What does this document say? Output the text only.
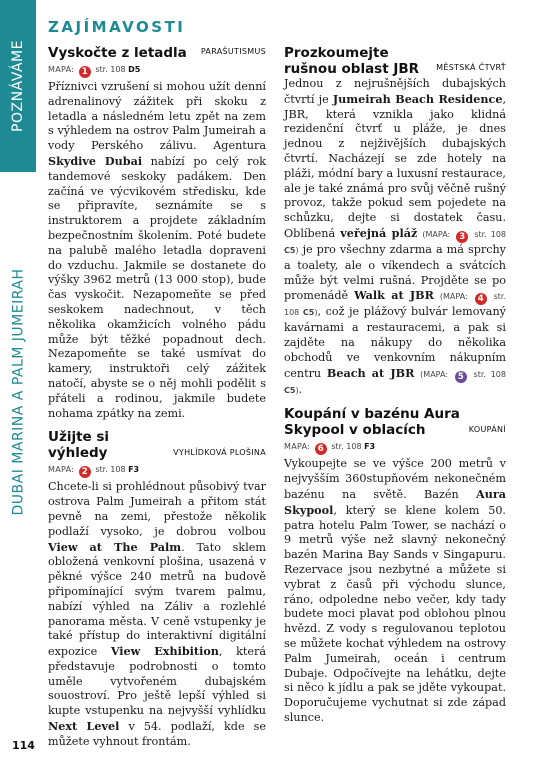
POZNÁVÁME
DUBAI MARINA A PALM JUMEIRAH
ZAJÍMAVOSTI
Vyskočte z letadla	PARAŠUTISMUS
MAPA: 1 str. 108 D5

Příznivci vzrušení si mohou užít denní adrenalinový zážitek při skoku z letadla a následném letu zpět na zem s výhledem na ostrov Palm Jumeirah a vody Perského zálivu. Agentura Skydive Dubai nabízí po celý rok tandemové seskoky padákem. Den začíná ve výcvikovém středisku, kde se připravíte, seznámíte se s instruktorem a projdete základním bezpečnostním školením. Poté budete na palubě malého letadla dopraveni do vzduchu. Jakmile se dostanete do výšky 3962 metrů (13 000 stop), bude čas vyskočit. Nezapomeňte se před seskokem nadechnout, v těch několika okamžicích volného pádu může být těžké popadnout dech. Nezapomeňte se také usmívat do kamery, instruktoři celý zážitek natočí, abyste se o něj mohli podělit s přáteli a rodinou, jakmile budete nohama zpátky na zemi.

Užijte si výhledy	VYHLÍDKOVÁ PLOŠINA
MAPA: 2 str. 108 F3

Chcete-li si prohlédnout působivý tvar ostrova Palm Jumeirah a přitom stát pevně na zemi, přestože několik podlaží vysoko, je dobrou volbou View at The Palm. Tato sklem obložená venkovní plošina, usazená v pěkné výšce 240 metrů na budově připomínající svým tvarem palmu, nabízí výhled na Záliv a rozlehlé panorama města. V ceně vstupenky je také přístup do interaktivní digitální expozice View Exhibition, která představuje podrobnosti o tomto uměle vytvořeném dubajském souostroví. Pro ještě lepší výhled si kupte vstupenku na nejvyšší vyhlídku Next Level v 54. podlaží, kde se můžete vyhnout frontám.

Prozkoumejte rušnou oblast JBR	MĚSTSKÁ ČTVRŤ

Jednou z nejrušnějších dubajských čtvrtí je Jumeirah Beach Residence, JBR, která vznikla jako klidná rezidenční čtvrť u pláže, je dnes jednou z nejživějších dubajských čtvrtí. Nacházejí se zde hotely na pláži, módní bary a luxusní restaurace, ale je také známá pro svůj věčně rušný provoz, takže pokud sem pojedete na schůzku, dejte si dostatek času. Oblíbená veřejná pláž (MAPA: 3 str. 108 C5) je pro všechny zdarma a má sprchy a toalety, ale o víkendech a svátcích může být velmi rušná. Projděte se po promenádě Walk at JBR (MAPA: 4 str. 108 C5), což je plážový bulvár lemovaný kavárnami a restauracemi, a pak si zajděte na nákupy do několika obchodů ve venkovním nákupním centru Beach at JBR (MAPA: 5 str. 108 C5).

Koupání v bazénu Aura Skypool v oblacích	KOUPÁNÍ
MAPA: 6 str. 108 F3

Vykoupejte se ve výšce 200 metrů v nejvyšším 360stupňovém nekonečném bazénu na světě. Bazén Aura Skypool, který se klene kolem 50. patra hotelu Palm Tower, se nachází o 9 metrů výše než slavný nekonečný bazén Marina Bay Sands v Singapuru. Rezervace jsou nezbytné a můžete si vybrat z časů při východu slunce, ráno, odpoledne nebo večer, kdy tady budete moci plavat pod oblohou plnou hvězd. Z vody s regulovanou teplotou se můžete kochat výhledem na ostrovy Palm Jumeirah, oceán i centrum Dubaje. Odpočívejte na lehátku, dejte si něco k jídlu a pak se jděte vykoupat. Doporučujeme vychutnat si zde západ slunce.

114
